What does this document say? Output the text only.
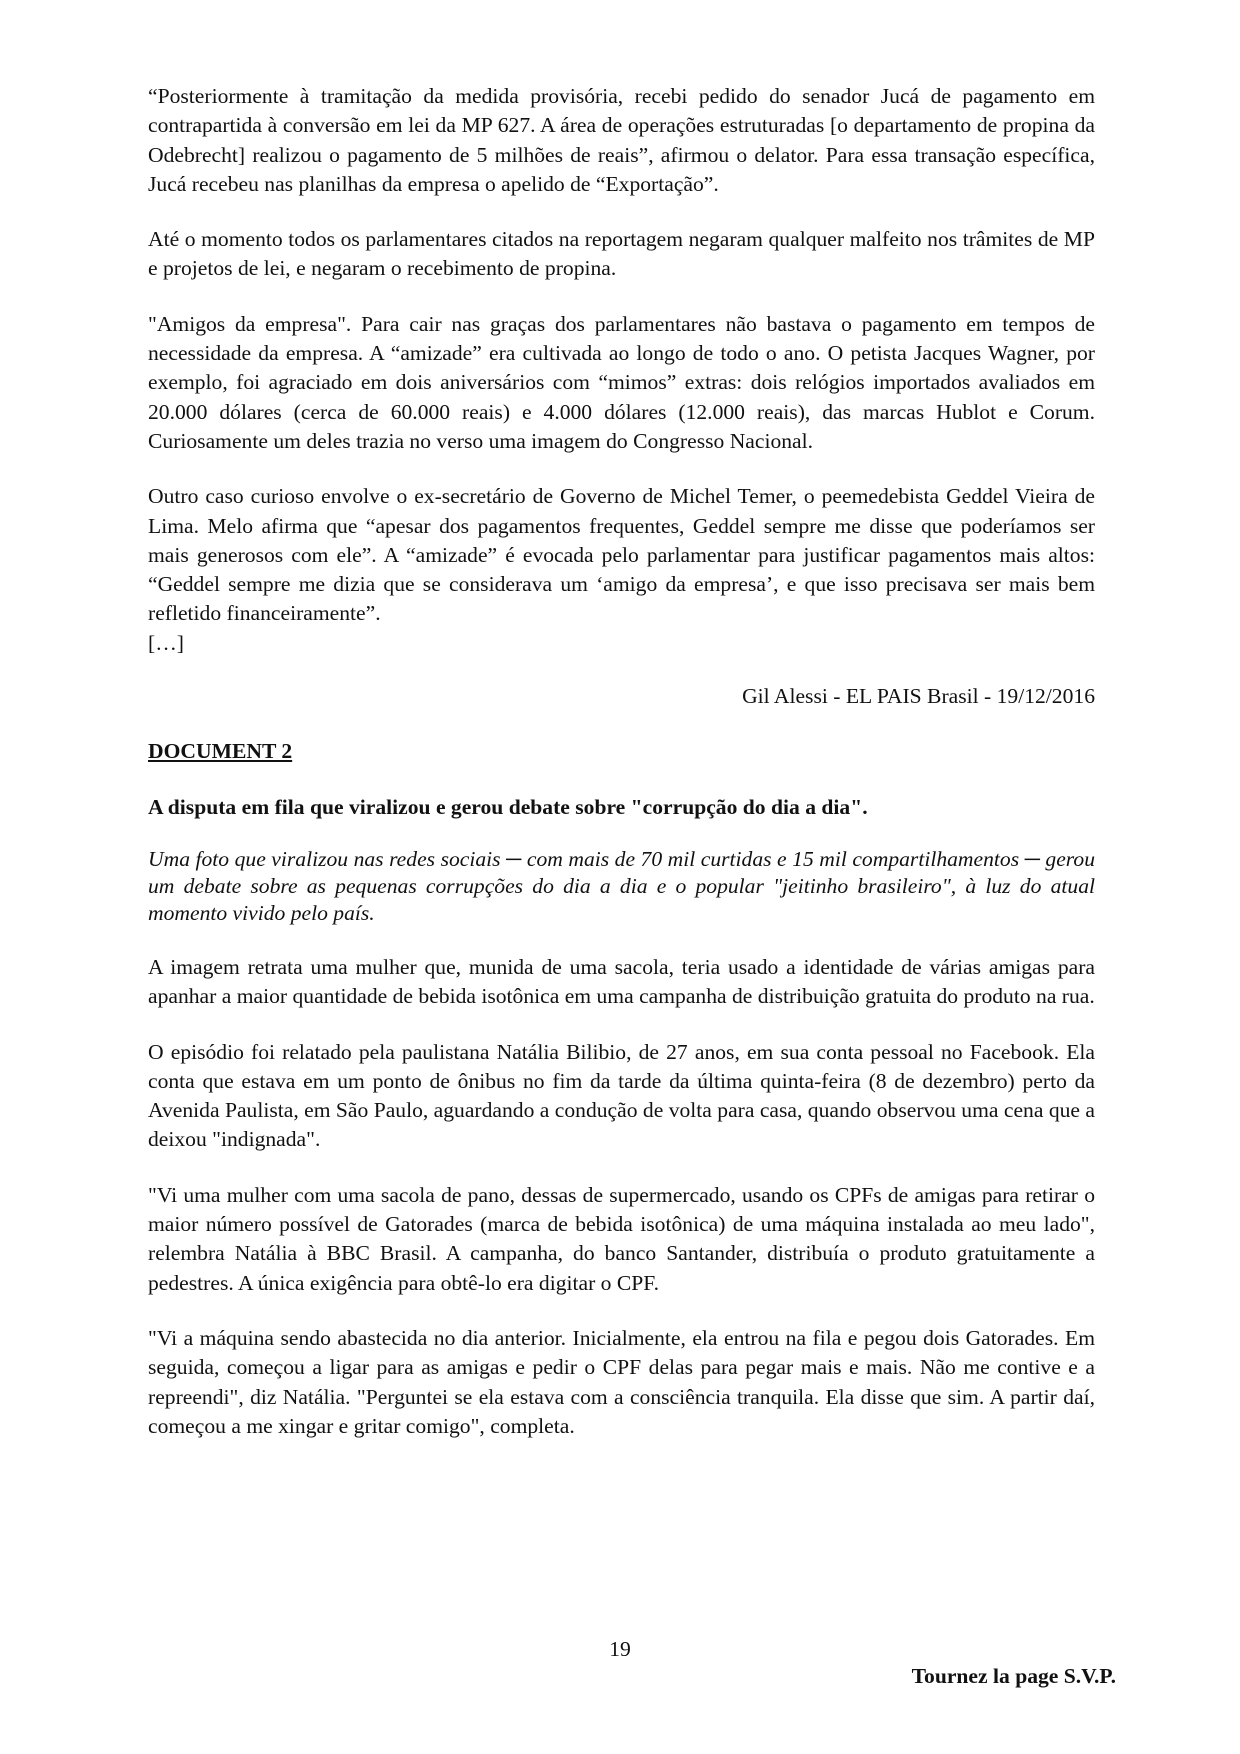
“Posteriormente à tramitação da medida provisória, recebi pedido do senador Jucá de pagamento em contrapartida à conversão em lei da MP 627. A área de operações estruturadas [o departamento de propina da Odebrecht] realizou o pagamento de 5 milhões de reais”, afirmou o delator. Para essa transação específica, Jucá recebeu nas planilhas da empresa o apelido de “Exportação”.

Até o momento todos os parlamentares citados na reportagem negaram qualquer malfeito nos trâmites de MP e projetos de lei, e negaram o recebimento de propina.

"Amigos da empresa". Para cair nas graças dos parlamentares não bastava o pagamento em tempos de necessidade da empresa. A “amizade” era cultivada ao longo de todo o ano. O petista Jacques Wagner, por exemplo, foi agraciado em dois aniversários com “mimos” extras: dois relógios importados avaliados em 20.000 dólares (cerca de 60.000 reais) e 4.000 dólares (12.000 reais), das marcas Hublot e Corum. Curiosamente um deles trazia no verso uma imagem do Congresso Nacional.

Outro caso curioso envolve o ex-secretário de Governo de Michel Temer, o peemedebista Geddel Vieira de Lima. Melo afirma que “apesar dos pagamentos frequentes, Geddel sempre me disse que poderíamos ser mais generosos com ele”. A “amizade” é evocada pelo parlamentar para justificar pagamentos mais altos: “Geddel sempre me dizia que se considerava um ‘amigo da empresa’, e que isso precisava ser mais bem refletido financeiramente”.

[…]

Gil Alessi - EL PAIS Brasil - 19/12/2016

DOCUMENT 2

A disputa em fila que viralizou e gerou debate sobre "corrupção do dia a dia".

Uma foto que viralizou nas redes sociais ─ com mais de 70 mil curtidas e 15 mil compartilhamentos ─ gerou um debate sobre as pequenas corrupções do dia a dia e o popular "jeitinho brasileiro", à luz do atual momento vivido pelo país.

A imagem retrata uma mulher que, munida de uma sacola, teria usado a identidade de várias amigas para apanhar a maior quantidade de bebida isotônica em uma campanha de distribuição gratuita do produto na rua.

O episódio foi relatado pela paulistana Natália Bilibio, de 27 anos, em sua conta pessoal no Facebook. Ela conta que estava em um ponto de ônibus no fim da tarde da última quinta-feira (8 de dezembro) perto da Avenida Paulista, em São Paulo, aguardando a condução de volta para casa, quando observou uma cena que a deixou "indignada".

"Vi uma mulher com uma sacola de pano, dessas de supermercado, usando os CPFs de amigas para retirar o maior número possível de Gatorades (marca de bebida isotônica) de uma máquina instalada ao meu lado", relembra Natália à BBC Brasil. A campanha, do banco Santander, distribuía o produto gratuitamente a pedestres. A única exigência para obtê-lo era digitar o CPF.

"Vi a máquina sendo abastecida no dia anterior. Inicialmente, ela entrou na fila e pegou dois Gatorades. Em seguida, começou a ligar para as amigas e pedir o CPF delas para pegar mais e mais. Não me contive e a repreendi", diz Natália. "Perguntei se ela estava com a consciência tranquila. Ela disse que sim. A partir daí, começou a me xingar e gritar comigo", completa.

19
Tournez la page S.V.P.
